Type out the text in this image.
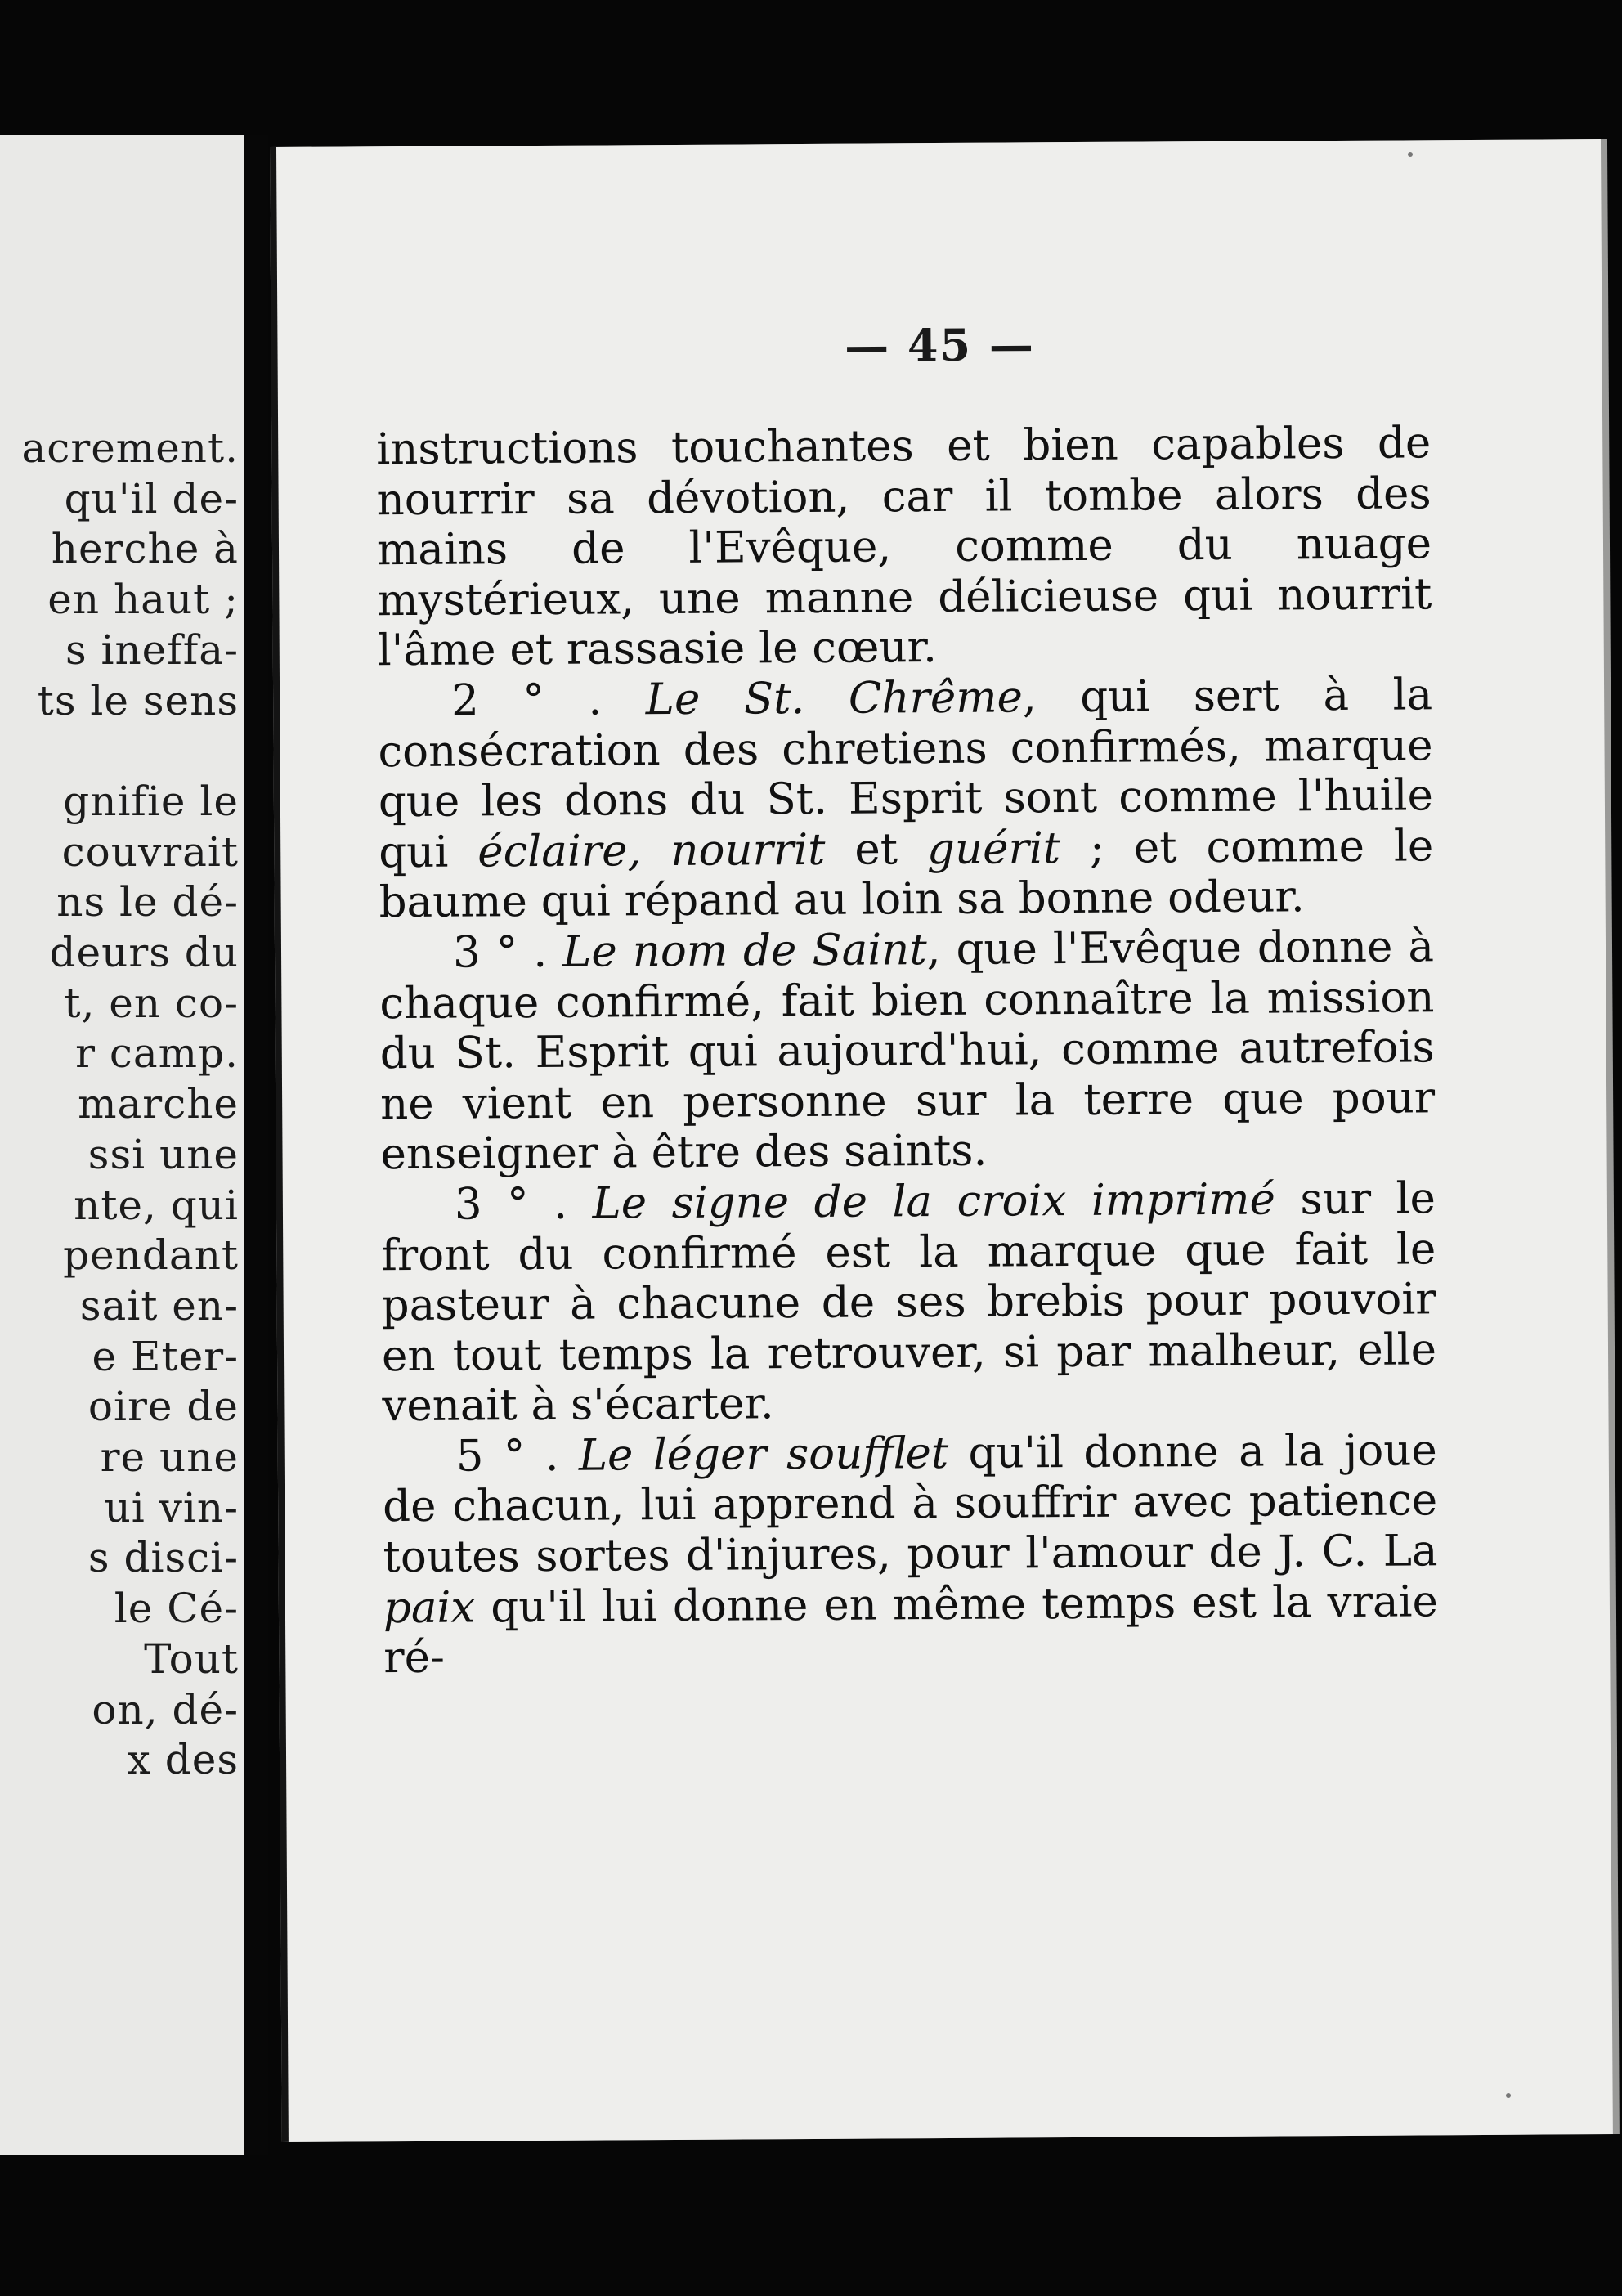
acrement.
qu'il de-
herche à
en haut ;
s ineffa-
ts le sens
gnifie le
couvrait
ns le dé-
deurs du
t, en co-
r camp.
marche
ssi une
nte, qui
pendant
sait en-
e Eter-
oire de
re une
ui vin-
s disci-
le Cé-
Tout
on, dé-
x des
— 45 —

instructions touchantes et bien capables de nourrir sa dévotion, car il tombe alors des mains de l'Evêque, comme du nuage mystérieux, une manne délicieuse qui nourrit l'âme et rassasie le cœur.

2 ° . Le St. Chrême, qui sert à la consécration des chretiens confirmés, marque que les dons du St. Esprit sont comme l'huile qui éclaire, nourrit et guérit ; et comme le baume qui répand au loin sa bonne odeur.

3 ° . Le nom de Saint, que l'Evêque donne à chaque confirmé, fait bien connaître la mission du St. Esprit qui aujourd'hui, comme autrefois ne vient en personne sur la terre que pour enseigner à être des saints.

3 ° . Le signe de la croix imprimé sur le front du confirmé est la marque que fait le pasteur à chacune de ses brebis pour pouvoir en tout temps la retrouver, si par malheur, elle venait à s'écarter.

5 ° . Le léger soufflet qu'il donne a la joue de chacun, lui apprend à souffrir avec patience toutes sortes d'injures, pour l'amour de J. C. La paix qu'il lui donne en même temps est la vraie ré-
